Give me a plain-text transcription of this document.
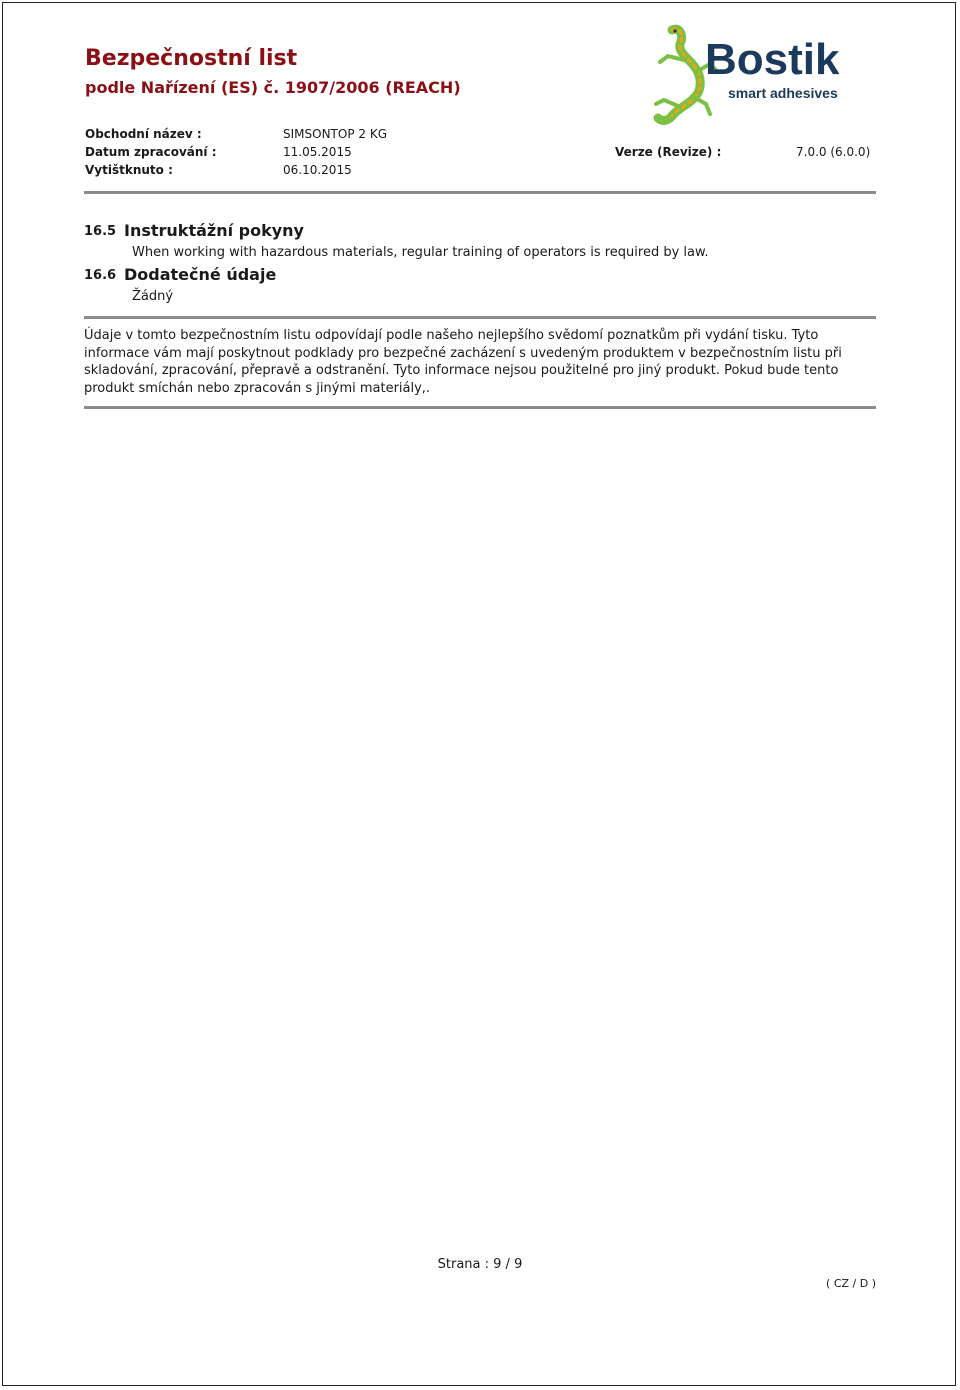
Bezpečnostní list
podle Nařízení (ES) č. 1907/2006 (REACH)
Bostik
smart adhesives
Obchodní název :	SIMSONTOP 2 KG
Datum zpracování :	11.05.2015	Verze (Revize) :	7.0.0 (6.0.0)
Vytištknuto :	06.10.2015
16.5 Instruktážní pokyny
When working with hazardous materials, regular training of operators is required by law.
16.6 Dodatečné údaje
Žádný

Údaje v tomto bezpečnostním listu odpovídají podle našeho nejlepšího svědomí poznatkům při vydání tisku. Tyto informace vám mají poskytnout podklady pro bezpečné zacházení s uvedeným produktem v bezpečnostním listu při skladování, zpracování, přepravě a odstranění. Tyto informace nejsou použitelné pro jiný produkt. Pokud bude tento produkt smíchán nebo zpracován s jinými materiály,.

Strana : 9 / 9
( CZ / D )
